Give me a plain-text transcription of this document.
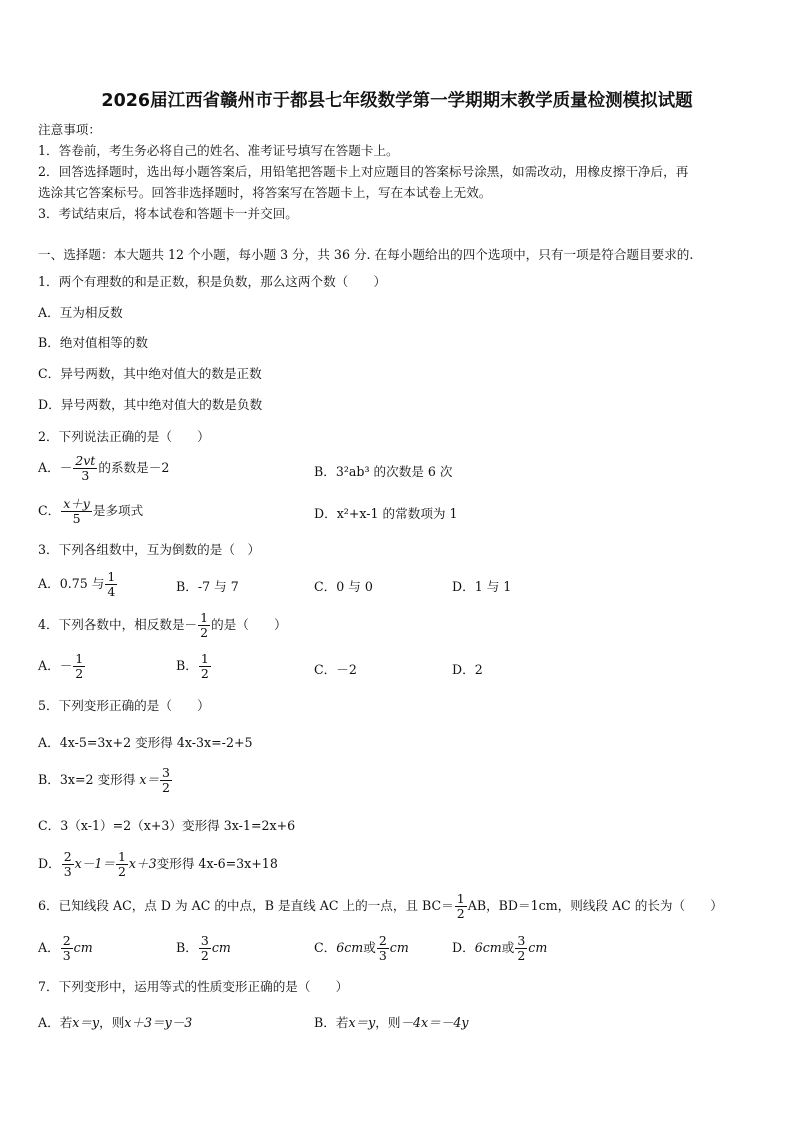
2026届江西省赣州市于都县七年级数学第一学期期末教学质量检测模拟试题
注意事项：
1．答卷前，考生务必将自己的姓名、准考证号填写在答题卡上。
2．回答选择题时，选出每小题答案后，用铅笔把答题卡上对应题目的答案标号涂黑，如需改动，用橡皮擦干净后，再
选涂其它答案标号。回答非选择题时，将答案写在答题卡上，写在本试卷上无效。
3．考试结束后，将本试卷和答题卡一并交回。
一、选择题：本大题共 12 个小题，每小题 3 分，共 36 分. 在每小题给出的四个选项中，只有一项是符合题目要求的.
1．两个有理数的和是正数，积是负数，那么这两个数（　　）
A．互为相反数
B．绝对值相等的数
C．异号两数，其中绝对值大的数是正数
D．异号两数，其中绝对值大的数是负数
2．下列说法正确的是（　　）
A．－ $\frac{2vt}{3}$ 的系数是－2	B．3²ab³ 的次数是 6 次
C． $\frac{x+y}{5}$ 是多项式	D．x²+x-1 的常数项为 1
3．下列各组数中，互为倒数的是（　）
A．0.75 与 $\frac{1}{4}$	B．-7 与 7	C．0 与 0	D．1 与 1
4．下列各数中，相反数是－ $\frac{1}{2}$ 的是（　　）
A．－ $\frac{1}{2}$	B． $\frac{1}{2}$	C．－2	D．2
5．下列变形正确的是（　　）
A．4x-5=3x+2 变形得 4x-3x=-2+5
B．3x=2 变形得 $x= \frac{3}{2}$
C．3（x-1）=2（x+3）变形得 3x-1=2x+6
D． $\frac{2}{3} x-1= \frac{1}{2} x+3$变形得 4x-6=3x+18
6．已知线段 AC，点 D 为 AC 的中点，B 是直线 AC 上的一点，且 $BC= \frac{1}{2}$ AB，BD＝1cm，则线段 AC 的长为（　　）
A． $\frac{2}{3}$ cm	B． $\frac{3}{2}$ cm	C．6cm或 $\frac{2}{3}$ cm	D．6cm或 $\frac{3}{2}$ cm
7．下列变形中，运用等式的性质变形正确的是（　　）
A．若x＝y，则x＋3＝y－3	B．若x＝y，则－4x＝－4y
